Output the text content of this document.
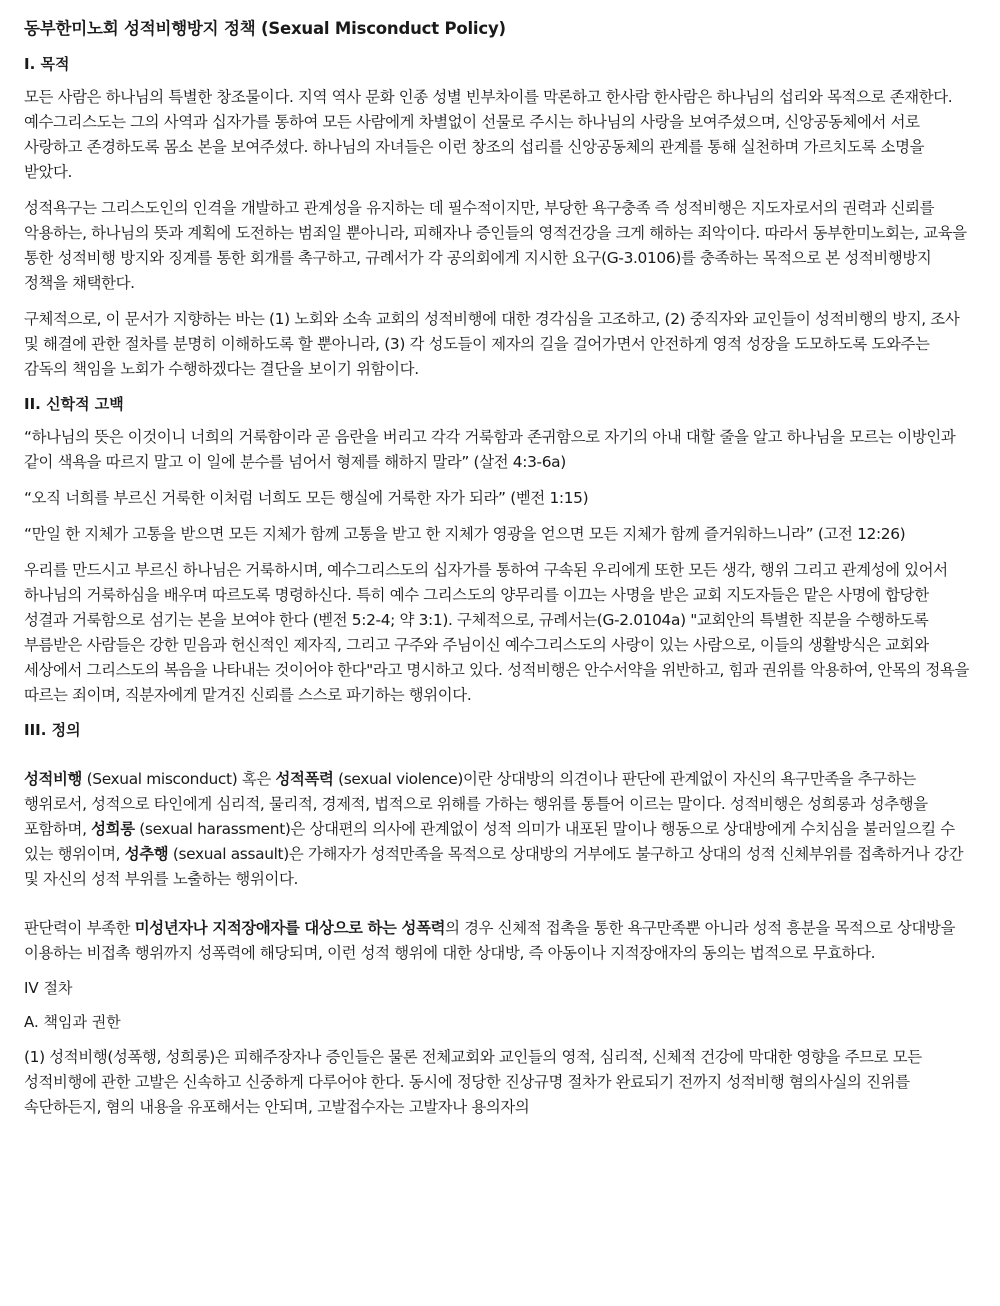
동부한미노회 성적비행방지 정책 (Sexual Misconduct Policy)
I. 목적

모든 사람은 하나님의 특별한 창조물이다. 지역 역사 문화 인종 성별 빈부차이를 막론하고 한사람 한사람은 하나님의 섭리와 목적으로 존재한다. 예수그리스도는 그의 사역과 십자가를 통하여 모든 사람에게 차별없이 선물로 주시는 하나님의 사랑을 보여주셨으며, 신앙공동체에서 서로 사랑하고 존경하도록 몸소 본을 보여주셨다. 하나님의 자녀들은 이런 창조의 섭리를 신앙공동체의 관계를 통해 실천하며 가르치도록 소명을 받았다.

성적욕구는 그리스도인의 인격을 개발하고 관계성을 유지하는 데 필수적이지만, 부당한 욕구충족 즉 성적비행은 지도자로서의 권력과 신뢰를 악용하는, 하나님의 뜻과 계획에 도전하는 범죄일 뿐아니라, 피해자나 증인들의 영적건강을 크게 해하는 죄악이다. 따라서 동부한미노회는, 교육을 통한 성적비행 방지와 징계를 통한 회개를 촉구하고, 규례서가 각 공의회에게 지시한 요구(G-3.0106)를 충족하는 목적으로 본 성적비행방지 정책을 채택한다.

구체적으로, 이 문서가 지향하는 바는 (1) 노회와 소속 교회의 성적비행에 대한 경각심을 고조하고, (2) 중직자와 교인들이 성적비행의 방지, 조사 및 해결에 관한 절차를 분명히 이해하도록 할 뿐아니라, (3) 각 성도들이 제자의 길을 걸어가면서 안전하게 영적 성장을 도모하도록 도와주는 감독의 책임을 노회가 수행하겠다는 결단을 보이기 위함이다.

II. 신학적 고백

“하나님의 뜻은 이것이니 너희의 거룩함이라 곧 음란을 버리고 각각 거룩함과 존귀함으로 자기의 아내 대할 줄을 알고 하나님을 모르는 이방인과 같이 색욕을 따르지 말고 이 일에 분수를 넘어서 형제를 해하지 말라” (살전 4:3-6a)

“오직 너희를 부르신 거룩한 이처럼 너희도 모든 행실에 거룩한 자가 되라” (벧전 1:15)

“만일 한 지체가 고통을 받으면 모든 지체가 함께 고통을 받고 한 지체가 영광을 얻으면 모든 지체가 함께 즐거워하느니라” (고전 12:26)

우리를 만드시고 부르신 하나님은 거룩하시며, 예수그리스도의 십자가를 통하여 구속된 우리에게 또한 모든 생각, 행위 그리고 관계성에 있어서 하나님의 거룩하심을 배우며 따르도록 명령하신다. 특히 예수 그리스도의 양무리를 이끄는 사명을 받은 교회 지도자들은 맡은 사명에 합당한 성결과 거룩함으로 섬기는 본을 보여야 한다 (벧전 5:2-4; 약 3:1). 구체적으로, 규례서는(G-2.0104a) "교회안의 특별한 직분을 수행하도록 부름받은 사람들은 강한 믿음과 헌신적인 제자직, 그리고 구주와 주님이신 예수그리스도의 사랑이 있는 사람으로, 이들의 생활방식은 교회와 세상에서 그리스도의 복음을 나타내는 것이어야 한다"라고 명시하고 있다. 성적비행은 안수서약을 위반하고, 힘과 권위를 악용하여, 안목의 정욕을 따르는 죄이며, 직분자에게 맡겨진 신뢰를 스스로 파기하는 행위이다.

III. 정의

성적비행 (Sexual misconduct) 혹은 성적폭력 (sexual violence)이란 상대방의 의견이나 판단에 관계없이 자신의 욕구만족을 추구하는 행위로서, 성적으로 타인에게 심리적, 물리적, 경제적, 법적으로 위해를 가하는 행위를 통틀어 이르는 말이다. 성적비행은 성희롱과 성추행을 포함하며, 성희롱 (sexual harassment)은 상대편의 의사에 관계없이 성적 의미가 내포된 말이나 행동으로 상대방에게 수치심을 불러일으킬 수 있는 행위이며, 성추행 (sexual assault)은 가해자가 성적만족을 목적으로 상대방의 거부에도 불구하고 상대의 성적 신체부위를 접촉하거나 강간 및 자신의 성적 부위를 노출하는 행위이다.

판단력이 부족한 미성년자나 지적장애자를 대상으로 하는 성폭력의 경우 신체적 접촉을 통한 욕구만족뿐 아니라 성적 흥분을 목적으로 상대방을 이용하는 비접촉 행위까지 성폭력에 해당되며, 이런 성적 행위에 대한 상대방, 즉 아동이나 지적장애자의 동의는 법적으로 무효하다.

IV 절차
A. 책임과 권한

(1) 성적비행(성폭행, 성희롱)은 피해주장자나 증인들은 물론 전체교회와 교인들의 영적, 심리적, 신체적 건강에 막대한 영향을 주므로 모든 성적비행에 관한 고발은 신속하고 신중하게 다루어야 한다. 동시에 정당한 진상규명 절차가 완료되기 전까지 성적비행 혐의사실의 진위를 속단하든지, 혐의 내용을 유포해서는 안되며, 고발접수자는 고발자나 용의자의
